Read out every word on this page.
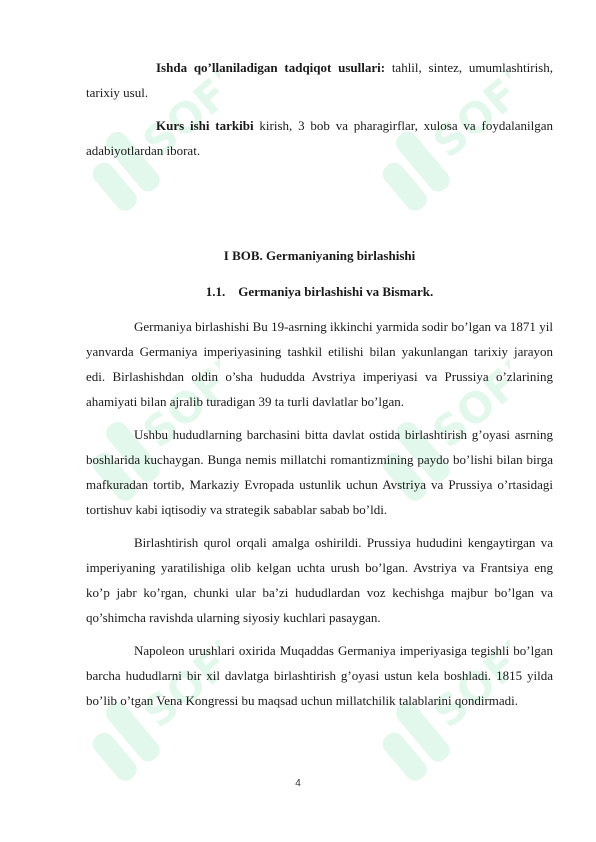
SOFF	SOFF
SOFF	SOFF
SOFF	SOFF

Ishda qo’llaniladigan tadqiqot usullari: tahlil, sintez, umumlashtirish, tarixiy usul.

Kurs ishi tarkibi kirish, 3 bob va pharagirflar, xulosa va foydalanilgan adabiyotlardan iborat.

I BOB. Germaniyaning birlashishi

1.1. Germaniya birlashishi va Bismark.

Germaniya birlashishi Bu 19-asrning ikkinchi yarmida sodir bo’lgan va 1871 yil yanvarda Germaniya imperiyasining tashkil etilishi bilan yakunlangan tarixiy jarayon edi. Birlashishdan oldin o’sha hududda Avstriya imperiyasi va Prussiya o’zlarining ahamiyati bilan ajralib turadigan 39 ta turli davlatlar bo’lgan.

Ushbu hududlarning barchasini bitta davlat ostida birlashtirish g’oyasi asrning boshlarida kuchaygan. Bunga nemis millatchi romantizmining paydo bo’lishi bilan birga mafkuradan tortib, Markaziy Evropada ustunlik uchun Avstriya va Prussiya o’rtasidagi tortishuv kabi iqtisodiy va strategik sabablar sabab bo’ldi.

Birlashtirish qurol orqali amalga oshirildi. Prussiya hududini kengaytirgan va imperiyaning yaratilishiga olib kelgan uchta urush bo’lgan. Avstriya va Frantsiya eng ko’p jabr ko’rgan, chunki ular ba’zi hududlardan voz kechishga majbur bo’lgan va qo’shimcha ravishda ularning siyosiy kuchlari pasaygan.

Napoleon urushlari oxirida Muqaddas Germaniya imperiyasiga tegishli bo’lgan barcha hududlarni bir xil davlatga birlashtirish g’oyasi ustun kela boshladi. 1815 yilda bo’lib o’tgan Vena Kongressi bu maqsad uchun millatchilik talablarini qondirmadi.

4
